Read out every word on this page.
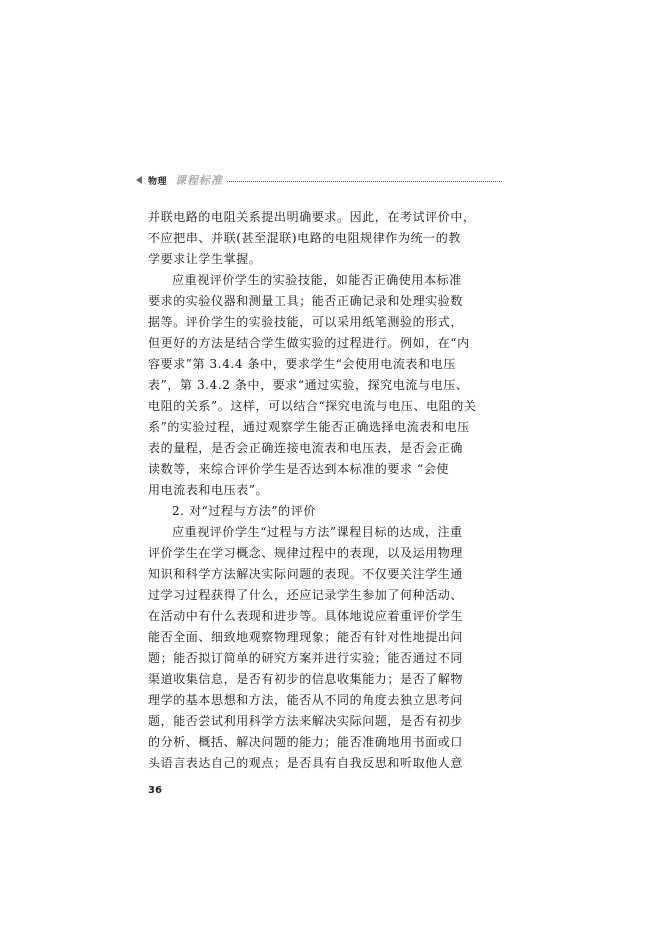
物理 课程标准
并联电路的电阻关系提出明确要求。因此，在考试评价中，
不应把串、并联(甚至混联)电路的电阻规律作为统一的教
学要求让学生掌握。
应重视评价学生的实验技能，如能否正确使用本标准
要求的实验仪器和测量工具；能否正确记录和处理实验数
据等。评价学生的实验技能，可以采用纸笔测验的形式，
但更好的方法是结合学生做实验的过程进行。例如，在“内
容要求”第 3.4.4 条中，要求学生“会使用电流表和电压
表”，第 3.4.2 条中，要求“通过实验，探究电流与电压、
电阻的关系”。这样，可以结合“探究电流与电压、电阻的关
系”的实验过程，通过观察学生能否正确选择电流表和电压
表的量程，是否会正确连接电流表和电压表，是否会正确
读数等，来综合评价学生是否达到本标准的要求 “会使
用电流表和电压表”。
2. 对“过程与方法”的评价
应重视评价学生“过程与方法”课程目标的达成，注重
评价学生在学习概念、规律过程中的表现，以及运用物理
知识和科学方法解决实际问题的表现。不仅要关注学生通
过学习过程获得了什么，还应记录学生参加了何种活动、
在活动中有什么表现和进步等。具体地说应着重评价学生
能否全面、细致地观察物理现象；能否有针对性地提出问
题；能否拟订简单的研究方案并进行实验；能否通过不同
渠道收集信息，是否有初步的信息收集能力；是否了解物
理学的基本思想和方法，能否从不同的角度去独立思考问
题，能否尝试利用科学方法来解决实际问题，是否有初步
的分析、概括、解决问题的能力；能否准确地用书面或口
头语言表达自己的观点；是否具有自我反思和听取他人意
36
